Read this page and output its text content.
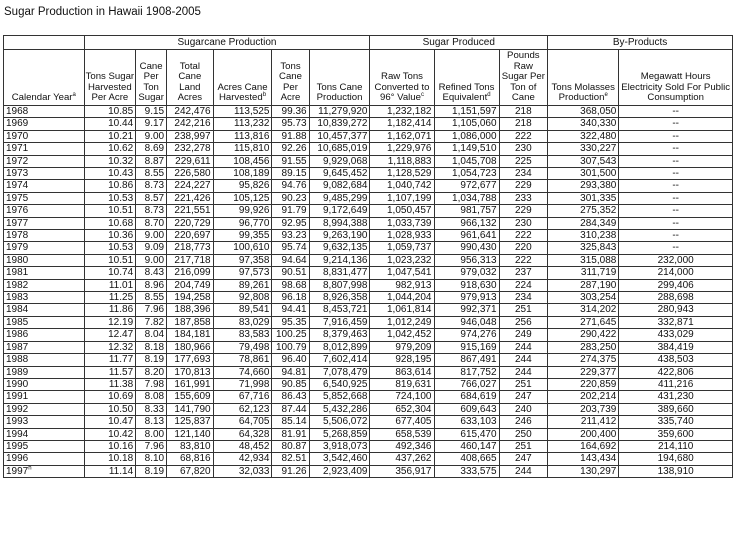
Sugar Production in Hawaii 1908-2005
	Sugarcane Production						Sugar Produced			By-Products	
Calendar Year$^a$	Tons Sugar Harvested Per Acre	Cane Per Ton Sugar	Total Cane Land Acres	Acres Cane Harvested$^b$	Tons Cane Per Acre	Tons Cane Production	Raw Tons Converted to 96° Value$^c$	Refined Tons Equivalent$^d$	Pounds Raw Sugar Per Ton of Cane	Tons Molasses Production$^e$	Megawatt Hours Electricity Sold For Public Consumption
1968	10.85	9.15	242,476	113,525	99.36	11,279,920	1,232,182	1,151,597	218	368,050	--
1969	10.44	9.17	242,216	113,232	95.73	10,839,272	1,182,414	1,105,060	218	340,330	--
1970	10.21	9.00	238,997	113,816	91.88	10,457,377	1,162,071	1,086,000	222	322,480	--
1971	10.62	8.69	232,278	115,810	92.26	10,685,019	1,229,976	1,149,510	230	330,227	--
1972	10.32	8.87	229,611	108,456	91.55	9,929,068	1,118,883	1,045,708	225	307,543	--
1973	10.43	8.55	226,580	108,189	89.15	9,645,452	1,128,529	1,054,723	234	301,500	--
1974	10.86	8.73	224,227	95,826	94.76	9,082,684	1,040,742	972,677	229	293,380	--
1975	10.53	8.57	221,426	105,125	90.23	9,485,299	1,107,199	1,034,788	233	301,335	--
1976	10.51	8.73	221,551	99,926	91.79	9,172,649	1,050,457	981,757	229	275,352	--
1977	10.68	8.70	220,729	96,770	92.95	8,994,388	1,033,739	966,132	230	284,349	--
1978	10.36	9.00	220,697	99,355	93.23	9,263,190	1,028,933	961,641	222	310,238	--
1979	10.53	9.09	218,773	100,610	95.74	9,632,135	1,059,737	990,430	220	325,843	--
1980	10.51	9.00	217,718	97,358	94.64	9,214,136	1,023,232	956,313	222	315,088	232,000
1981	10.74	8.43	216,099	97,573	90.51	8,831,477	1,047,541	979,032	237	311,719	214,000
1982	11.01	8.96	204,749	89,261	98.68	8,807,998	982,913	918,630	224	287,190	299,406
1983	11.25	8.55	194,258	92,808	96.18	8,926,358	1,044,204	979,913	234	303,254	288,698
1984	11.86	7.96	188,396	89,541	94.41	8,453,721	1,061,814	992,371	251	314,202	280,943
1985	12.19	7.82	187,858	83,029	95.35	7,916,459	1,012,249	946,048	256	271,645	332,871
1986	12.47	8.04	184,181	83,583	100.25	8,379,463	1,042,452	974,276	249	290,422	433,029
1987	12.32	8.18	180,966	79,498	100.79	8,012,899	979,209	915,169	244	283,250	384,419
1988	11.77	8.19	177,693	78,861	96.40	7,602,414	928,195	867,491	244	274,375	438,503
1989	11.57	8.20	170,813	74,660	94.81	7,078,479	863,614	817,752	244	229,377	422,806
1990	11.38	7.98	161,991	71,998	90.85	6,540,925	819,631	766,027	251	220,859	411,216
1991	10.69	8.08	155,609	67,716	86.43	5,852,668	724,100	684,619	247	202,214	431,230
1992	10.50	8.33	141,790	62,123	87.44	5,432,286	652,304	609,643	240	203,739	389,660
1993	10.47	8.13	125,837	64,705	85.14	5,506,072	677,405	633,103	246	211,412	335,740
1994	10.42	8.00	121,140	64,328	81.91	5,268,859	658,539	615,470	250	200,400	359,600
1995	10.16	7.96	83,810	48,452	80.87	3,918,073	492,346	460,147	251	164,692	214,110
1996	10.18	8.10	68,816	42,934	82.51	3,542,460	437,262	408,665	247	143,434	194,680
1997$^h$	11.14	8.19	67,820	32,033	91.26	2,923,409	356,917	333,575	244	130,297	138,910
